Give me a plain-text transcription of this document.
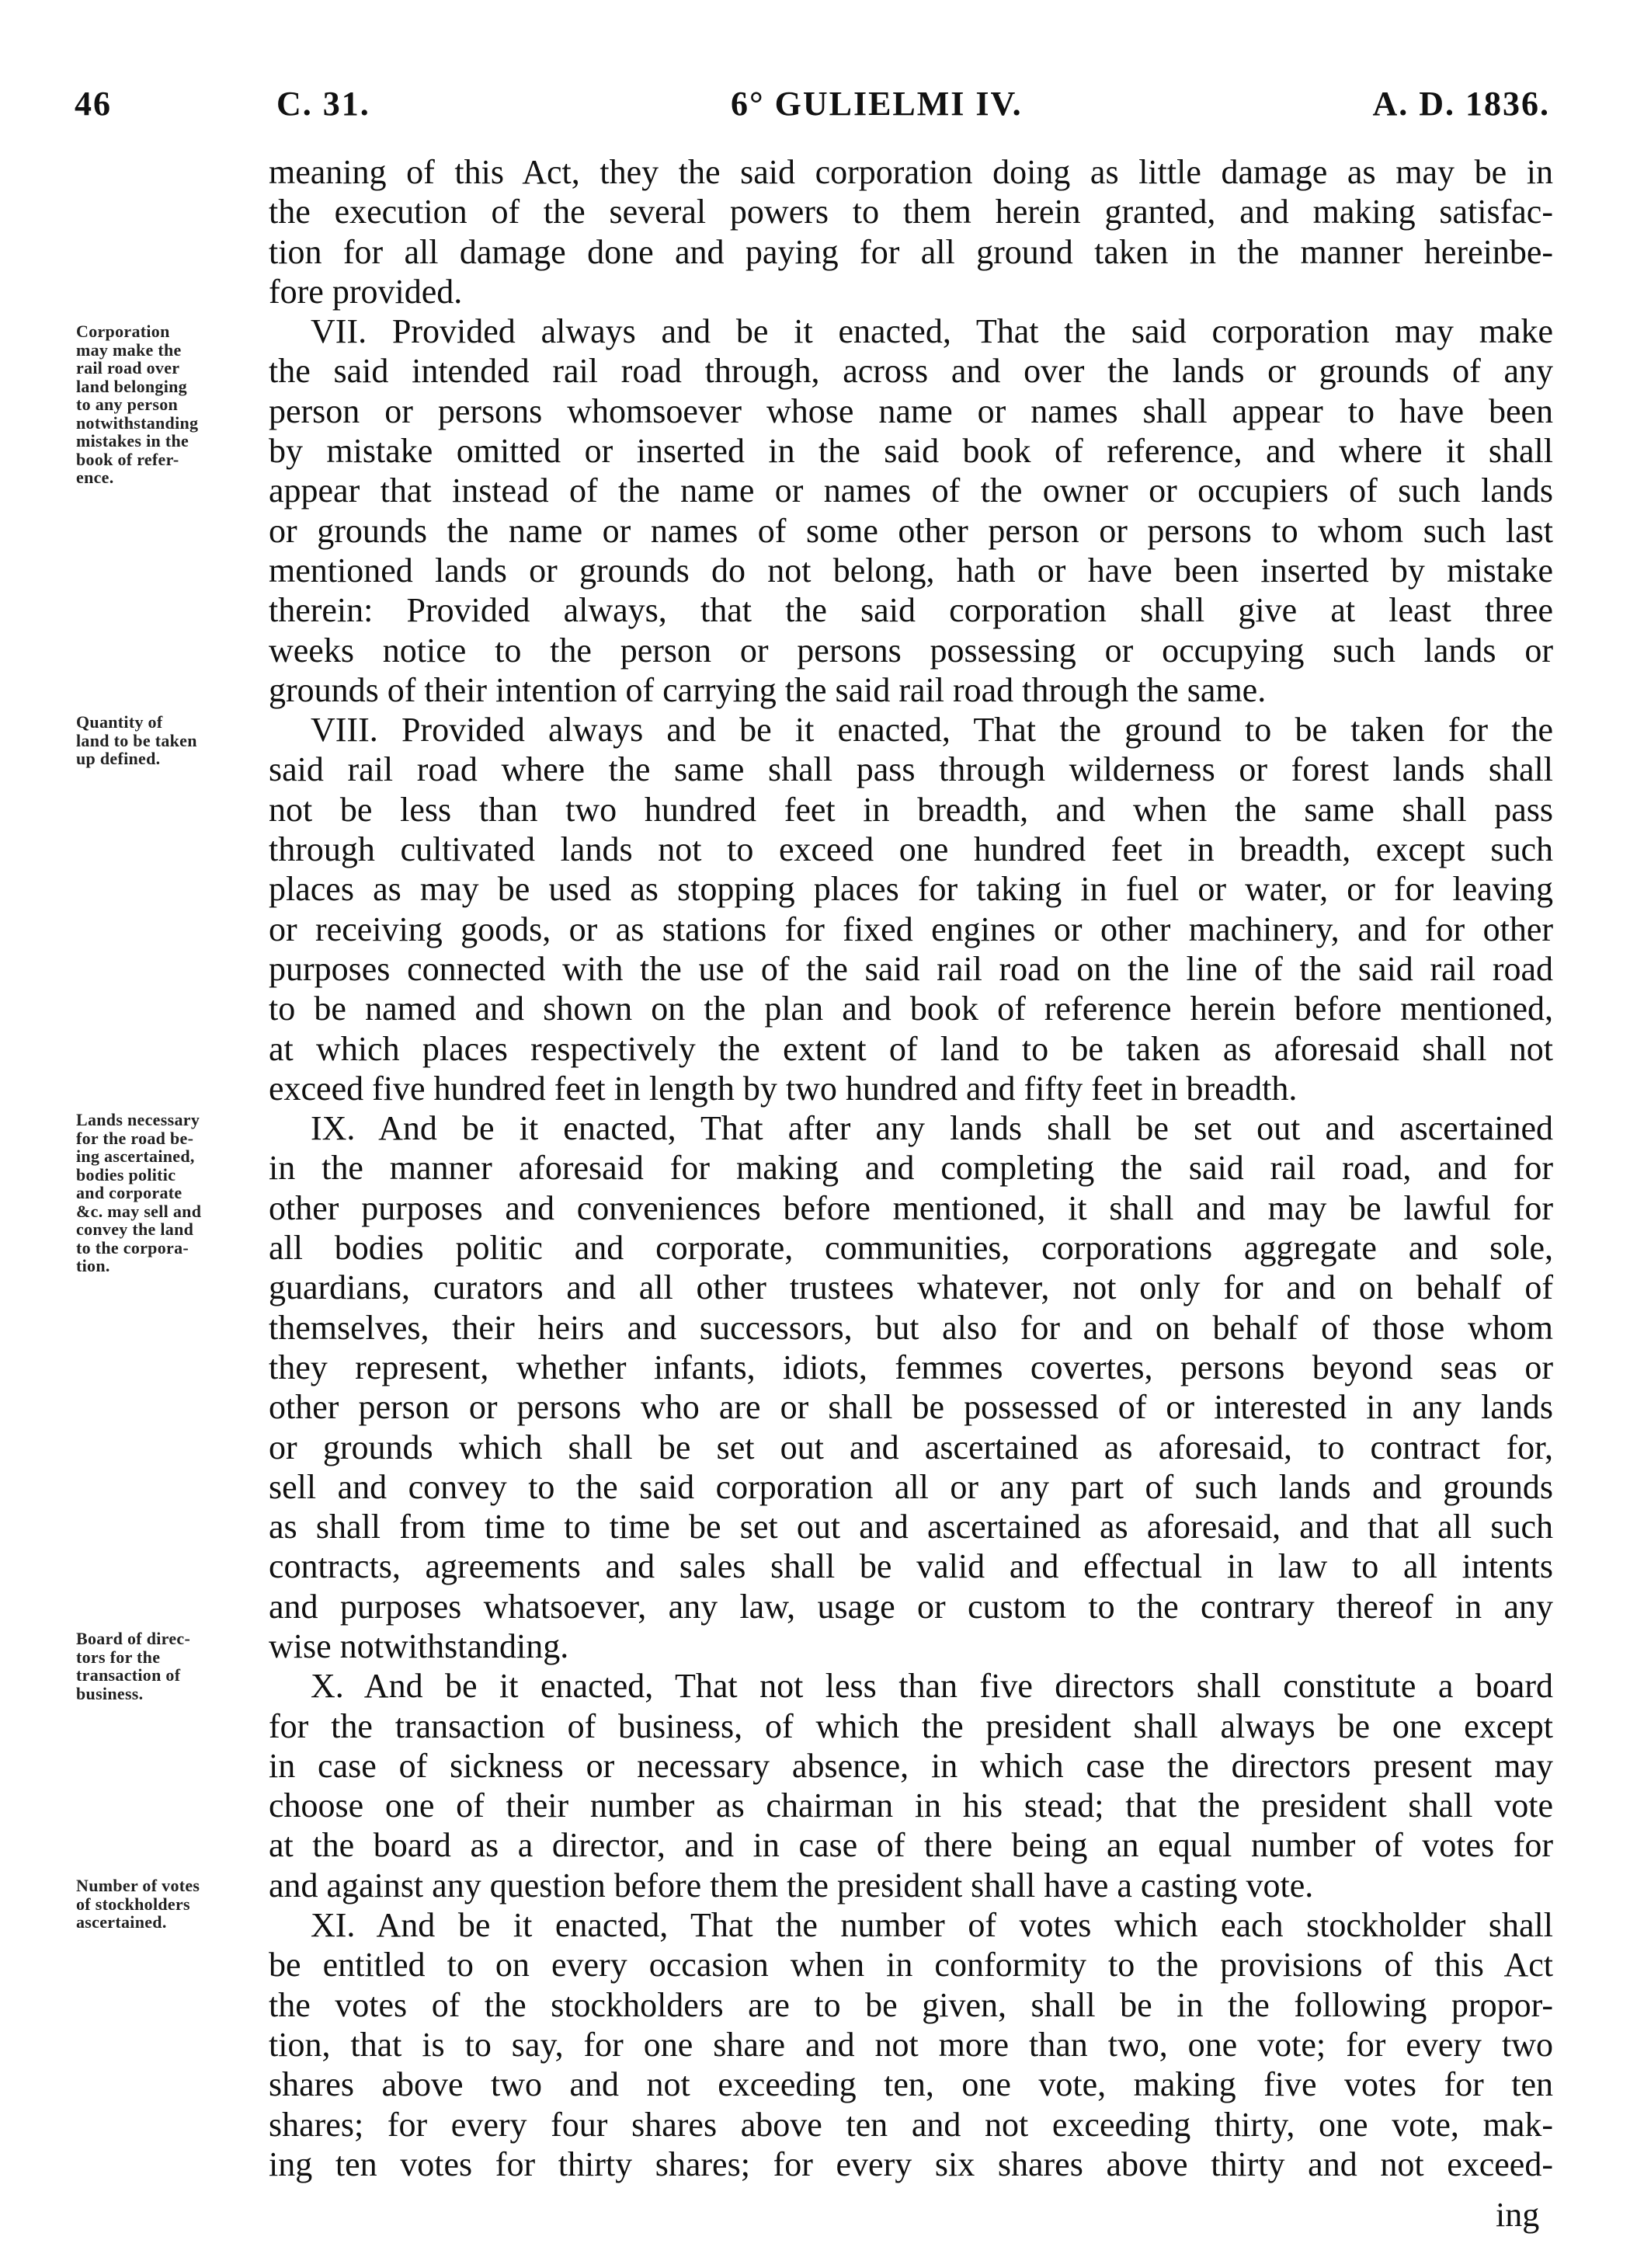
46	C. 31.	6° GULIELMI IV.	A. D. 1836.
Corporation
may make the
rail road over
land belonging
to any person
notwithstanding
mistakes in the
book of refer-
ence.
Quantity of
land to be taken
up defined.
Lands necessary
for the road be-
ing ascertained,
bodies politic
and corporate
&c. may sell and
convey the land
to the corpora-
tion.
Board of direc-
tors for the
transaction of
business.
Number of votes
of stockholders
ascertained.
meaning of this Act, they the said corporation doing as little damage as may be in
the execution of the several powers to them herein granted, and making satisfac-
tion for all damage done and paying for all ground taken in the manner hereinbe-
fore provided.
VII. Provided always and be it enacted, That the said corporation may make
the said intended rail road through, across and over the lands or grounds of any
person or persons whomsoever whose name or names shall appear to have been
by mistake omitted or inserted in the said book of reference, and where it shall
appear that instead of the name or names of the owner or occupiers of such lands
or grounds the name or names of some other person or persons to whom such last
mentioned lands or grounds do not belong, hath or have been inserted by mistake
therein: Provided always, that the said corporation shall give at least three
weeks notice to the person or persons possessing or occupying such lands or
grounds of their intention of carrying the said rail road through the same.
VIII. Provided always and be it enacted, That the ground to be taken for the
said rail road where the same shall pass through wilderness or forest lands shall
not be less than two hundred feet in breadth, and when the same shall pass
through cultivated lands not to exceed one hundred feet in breadth, except such
places as may be used as stopping places for taking in fuel or water, or for leaving
or receiving goods, or as stations for fixed engines or other machinery, and for other
purposes connected with the use of the said rail road on the line of the said rail road
to be named and shown on the plan and book of reference herein before mentioned,
at which places respectively the extent of land to be taken as aforesaid shall not
exceed five hundred feet in length by two hundred and fifty feet in breadth.
IX. And be it enacted, That after any lands shall be set out and ascertained
in the manner aforesaid for making and completing the said rail road, and for
other purposes and conveniences before mentioned, it shall and may be lawful for
all bodies politic and corporate, communities, corporations aggregate and sole,
guardians, curators and all other trustees whatever, not only for and on behalf of
themselves, their heirs and successors, but also for and on behalf of those whom
they represent, whether infants, idiots, femmes covertes, persons beyond seas or
other person or persons who are or shall be possessed of or interested in any lands
or grounds which shall be set out and ascertained as aforesaid, to contract for,
sell and convey to the said corporation all or any part of such lands and grounds
as shall from time to time be set out and ascertained as aforesaid, and that all such
contracts, agreements and sales shall be valid and effectual in law to all intents
and purposes whatsoever, any law, usage or custom to the contrary thereof in any
wise notwithstanding.
X. And be it enacted, That not less than five directors shall constitute a board
for the transaction of business, of which the president shall always be one except
in case of sickness or necessary absence, in which case the directors present may
choose one of their number as chairman in his stead; that the president shall vote
at the board as a director, and in case of there being an equal number of votes for
and against any question before them the president shall have a casting vote.
XI. And be it enacted, That the number of votes which each stockholder shall
be entitled to on every occasion when in conformity to the provisions of this Act
the votes of the stockholders are to be given, shall be in the following propor-
tion, that is to say, for one share and not more than two, one vote; for every two
shares above two and not exceeding ten, one vote, making five votes for ten
shares; for every four shares above ten and not exceeding thirty, one vote, mak-
ing ten votes for thirty shares; for every six shares above thirty and not exceed-
ing
